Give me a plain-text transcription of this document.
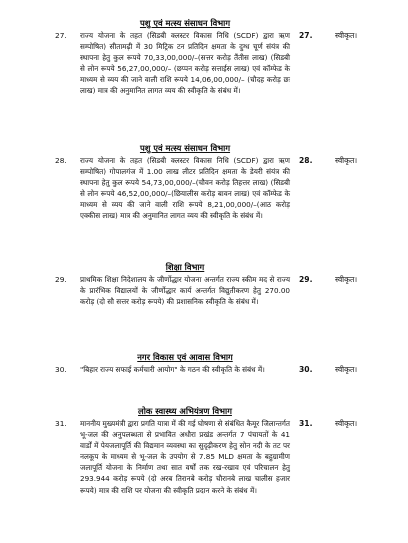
27.
पशु एवं मत्स्य संसाधन विभाग
राज्य योजना के तहत (सिडबी क्लस्टर विकास निधि (SCDF) द्वारा ऋण सम्पोषित) सीतामढ़ी में 30 मिट्रिक टन प्रतिदिन क्षमता के दुग्ध चूर्ण संयंत्र की स्थापना हेतु कुल रूपये 70,33,00,000/–(सत्तर करोड़ तैंतीस लाख) (सिडबी से लोन रूपये 56,27,00,000/– (छप्पन करोड़ सत्ताईस लाख) एवं कॉम्फेड के माध्यम से व्यय की जाने वाली राशि रूपये 14,06,00,000/– (चौदह करोड़ छः लाख) मात्र की अनुमानित लागत व्यय की स्वीकृति के संबंध में।
27.	स्वीकृत।
28.
पशु एवं मत्स्य संसाधन विभाग
राज्य योजना के तहत (सिडबी क्लस्टर विकास निधि (SCDF) द्वारा ऋण सम्पोषित) गोपालगंज में 1.00 लाख लीटर प्रतिदिन क्षमता के डेयरी संयंत्र की स्थापना हेतु कुल रूपये 54,73,00,000/–(चौवन करोड़ तिहत्तर लाख) (सिडबी से लोन रूपये 46,52,00,000/–(छियालीस करोड़ बावन लाख) एवं कॉम्फेड के माध्यम से व्यय की जाने वाली राशि रूपये 8,21,00,000/–(आठ करोड़ एक्कीस लाख) मात्र की अनुमानित लागत व्यय की स्वीकृति के संबंध में।
28.	स्वीकृत।
29.
शिक्षा विभाग
प्राथमिक शिक्षा निदेशालय के जीर्णोद्धार योजना अन्तर्गत राज्य स्कीम मद से राज्य के प्रारंभिक विद्यालयों के जीर्णोद्धार कार्य अन्तर्गत विद्युतीकरण हेतु 270.00 करोड़ (दो सौ सत्तर करोड़ रूपये) की प्रशासनिक स्वीकृति के संबंध में।
29.	स्वीकृत।
30.
नगर विकास एवं आवास विभाग
"बिहार राज्य सफाई कर्मचारी आयोग" के गठन की स्वीकृति के संबंध में।	30.	स्वीकृत।
31.
लोक स्वास्थ्य अभियंत्रण विभाग
माननीय मुख्यमंत्री द्वारा प्रगति यात्रा में की गई घोषणा से संबंधित कैमूर जिलान्तर्गत भू-जल की अनुपलब्धता से प्रभावित अधौरा प्रखंड अन्तर्गत 7 पंचायतों के 41 वार्डों में पेयजलापूर्ति की विद्यमान व्यवस्था का सुदृढ़ीकरण हेतु सोन नदी के तट पर नलकूप के माध्यम से भू-जल के उपयोग से 7.85 MLD क्षमता के बहुग्रामीण जलापूर्ति योजना के निर्माण तथा सात वर्षों तक रख-रखाव एवं परिचालन हेतु 293.944 करोड़ रूपये (दो अरब तिरानबे करोड़ चौरानबे लाख चालीस हजार रूपये) मात्र की राशि पर योजना की स्वीकृति प्रदान करने के संबंध में।
31.	स्वीकृत।
